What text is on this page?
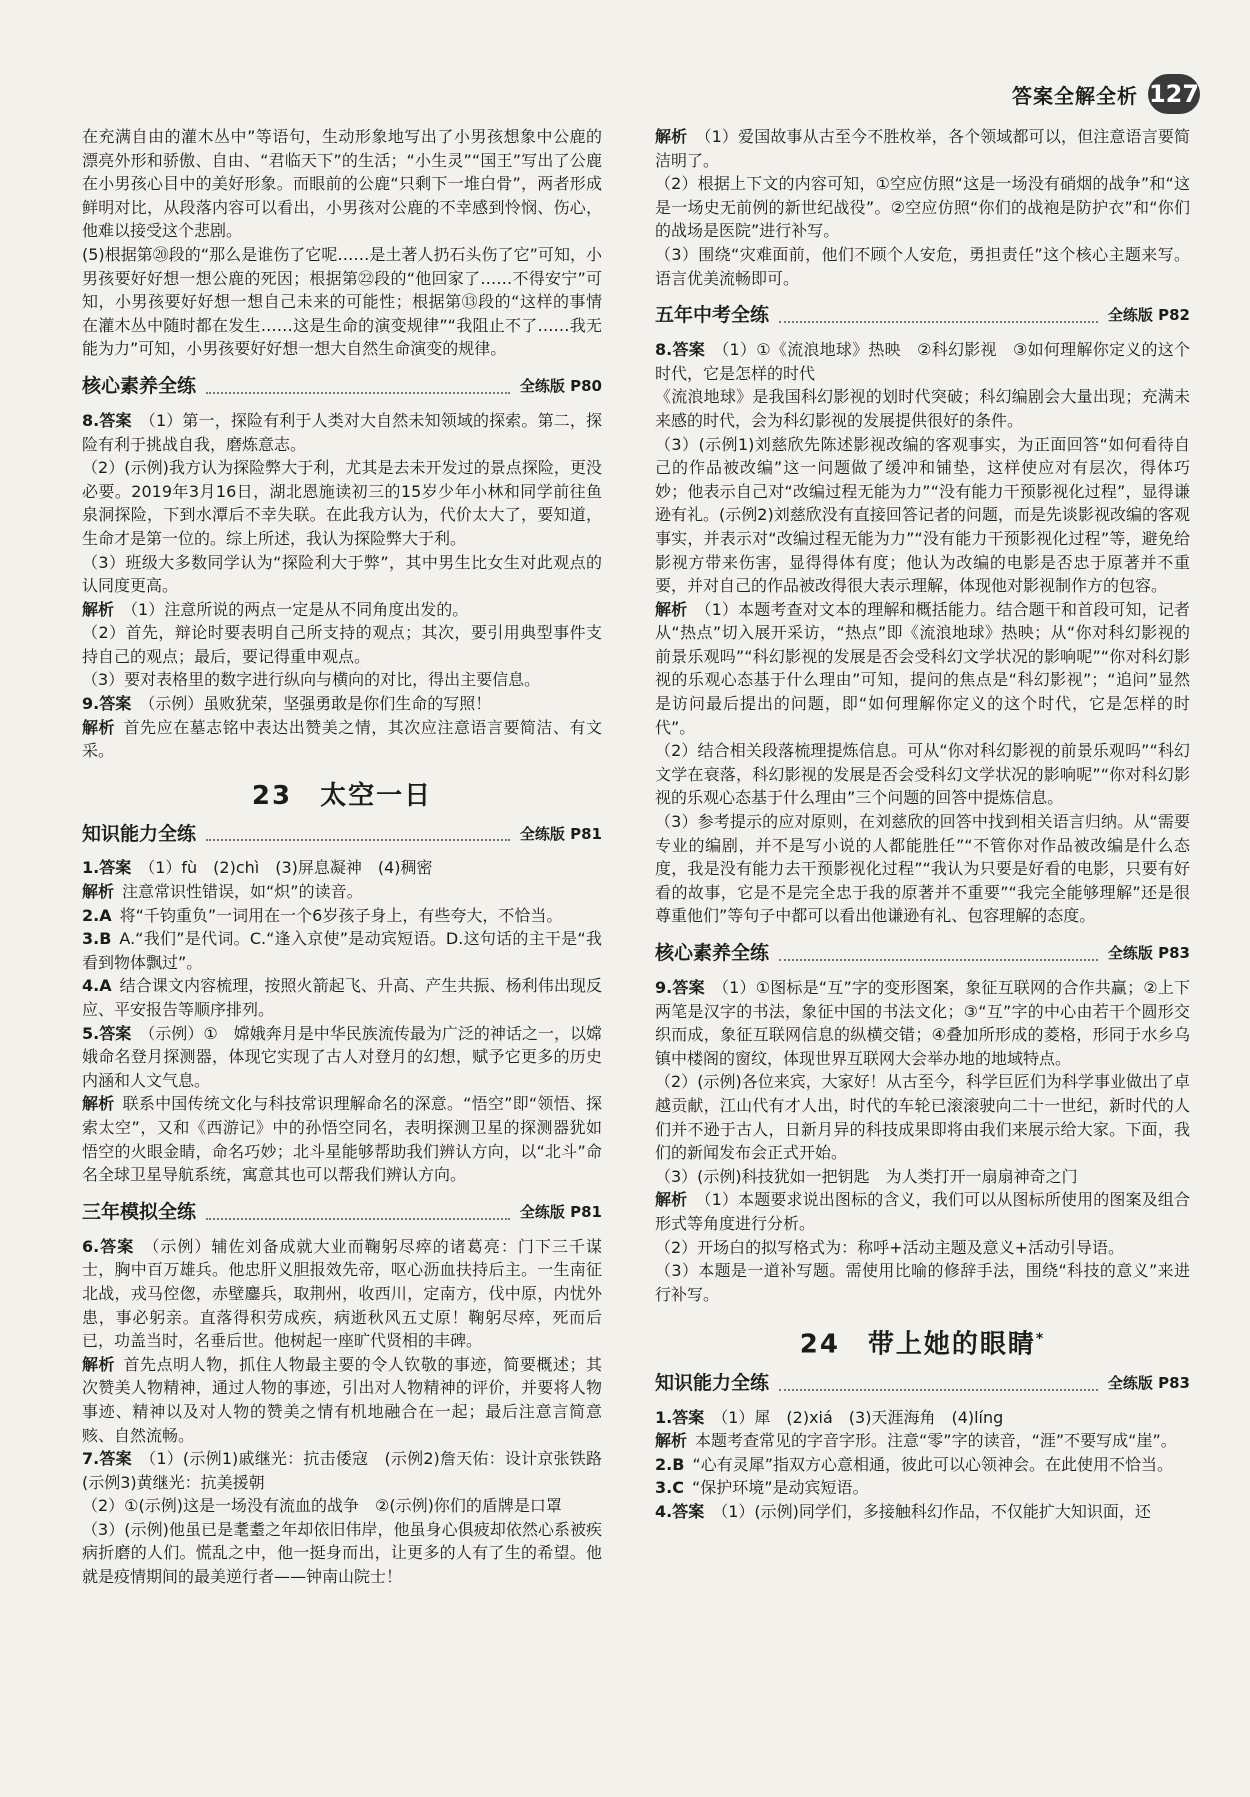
答案全解全析 127

在充满自由的灌木丛中”等语句，生动形象地写出了小男孩想象中公鹿的漂亮外形和骄傲、自由、“君临天下”的生活；“小生灵”“国王”写出了公鹿在小男孩心目中的美好形象。而眼前的公鹿“只剩下一堆白骨”，两者形成鲜明对比，从段落内容可以看出，小男孩对公鹿的不幸感到怜悯、伤心，他难以接受这个悲剧。

(5)根据第⑳段的“那么是谁伤了它呢……是土著人扔石头伤了它”可知，小男孩要好好想一想公鹿的死因；根据第㉒段的“他回家了……不得安宁”可知，小男孩要好好想一想自己未来的可能性；根据第⑬段的“这样的事情在灌木丛中随时都在发生……这是生命的演变规律”“我阻止不了……我无能为力”可知，小男孩要好好想一想大自然生命演变的规律。

核心素养全练	全练版 P80

8.答案  （1）第一，探险有利于人类对大自然未知领域的探索。第二，探险有利于挑战自我，磨炼意志。

（2）(示例)我方认为探险弊大于利，尤其是去未开发过的景点探险，更没必要。2019年3月16日，湖北恩施读初三的15岁少年小林和同学前往鱼泉洞探险，下到水潭后不幸失联。在此我方认为，代价太大了，要知道，生命才是第一位的。综上所述，我认为探险弊大于利。

（3）班级大多数同学认为“探险利大于弊”，其中男生比女生对此观点的认同度更高。

解析  （1）注意所说的两点一定是从不同角度出发的。

（2）首先，辩论时要表明自己所支持的观点；其次，要引用典型事件支持自己的观点；最后，要记得重申观点。

（3）要对表格里的数字进行纵向与横向的对比，得出主要信息。

9.答案  （示例）虽败犹荣，坚强勇敢是你们生命的写照！

解析  首先应在墓志铭中表达出赞美之情，其次应注意语言要简洁、有文采。

23　太空一日
知识能力全练	全练版 P81

1.答案  （1）fù　(2)chì　(3)屏息凝神　(4)稠密

解析  注意常识性错误，如“炽”的读音。

2.A  将“千钧重负”一词用在一个6岁孩子身上，有些夸大，不恰当。

3.B  A.“我们”是代词。C.“逢入京使”是动宾短语。D.这句话的主干是“我看到物体飘过”。

4.A  结合课文内容梳理，按照火箭起飞、升高、产生共振、杨利伟出现反应、平安报告等顺序排列。

5.答案  （示例）①　嫦娥奔月是中华民族流传最为广泛的神话之一，以嫦娥命名登月探测器，体现它实现了古人对登月的幻想，赋予它更多的历史内涵和人文气息。

解析  联系中国传统文化与科技常识理解命名的深意。“悟空”即“领悟、探索太空”，又和《西游记》中的孙悟空同名，表明探测卫星的探测器犹如悟空的火眼金睛，命名巧妙；北斗星能够帮助我们辨认方向，以“北斗”命名全球卫星导航系统，寓意其也可以帮我们辨认方向。

三年模拟全练	全练版 P81

6.答案  （示例）辅佐刘备成就大业而鞠躬尽瘁的诸葛亮：门下三千谋士，胸中百万雄兵。他忠肝义胆报效先帝，呕心沥血扶持后主。一生南征北战，戎马倥偬，赤壁鏖兵，取荆州，收西川，定南方，伐中原，内忧外患，事必躬亲。直落得积劳成疾，病逝秋风五丈原！鞠躬尽瘁，死而后已，功盖当时，名垂后世。他树起一座旷代贤相的丰碑。

解析  首先点明人物，抓住人物最主要的令人钦敬的事迹，简要概述；其次赞美人物精神，通过人物的事迹，引出对人物精神的评价，并要将人物事迹、精神以及对人物的赞美之情有机地融合在一起；最后注意言简意赅、自然流畅。

7.答案  （1）(示例1)戚继光：抗击倭寇　(示例2)詹天佑：设计京张铁路　(示例3)黄继光：抗美援朝

（2）①(示例)这是一场没有流血的战争　②(示例)你们的盾牌是口罩

（3）(示例)他虽已是耄耋之年却依旧伟岸，他虽身心俱疲却依然心系被疾病折磨的人们。慌乱之中，他一挺身而出，让更多的人有了生的希望。他就是疫情期间的最美逆行者——钟南山院士！

解析  （1）爱国故事从古至今不胜枚举，各个领域都可以，但注意语言要简洁明了。

（2）根据上下文的内容可知，①空应仿照“这是一场没有硝烟的战争”和“这是一场史无前例的新世纪战役”。②空应仿照“你们的战袍是防护衣”和“你们的战场是医院”进行补写。

（3）围绕“灾难面前，他们不顾个人安危，勇担责任”这个核心主题来写。语言优美流畅即可。

五年中考全练	全练版 P82

8.答案  （1）①《流浪地球》热映　②科幻影视　③如何理解你定义的这个时代，它是怎样的时代

《流浪地球》是我国科幻影视的划时代突破；科幻编剧会大量出现；充满未来感的时代，会为科幻影视的发展提供很好的条件。

（3）(示例1)刘慈欣先陈述影视改编的客观事实，为正面回答“如何看待自己的作品被改编”这一问题做了缓冲和铺垫，这样使应对有层次，得体巧妙；他表示自己对“改编过程无能为力”“没有能力干预影视化过程”，显得谦逊有礼。(示例2)刘慈欣没有直接回答记者的问题，而是先谈影视改编的客观事实，并表示对“改编过程无能为力”“没有能力干预影视化过程”等，避免给影视方带来伤害，显得得体有度；他认为改编的电影是否忠于原著并不重要，并对自己的作品被改得很大表示理解，体现他对影视制作方的包容。

解析  （1）本题考查对文本的理解和概括能力。结合题干和首段可知，记者从“热点”切入展开采访，“热点”即《流浪地球》热映；从“你对科幻影视的前景乐观吗”“科幻影视的发展是否会受科幻文学状况的影响呢”“你对科幻影视的乐观心态基于什么理由”可知，提问的焦点是“科幻影视”；“追问”显然是访问最后提出的问题，即“如何理解你定义的这个时代，它是怎样的时代”。

（2）结合相关段落梳理提炼信息。可从“你对科幻影视的前景乐观吗”“科幻文学在衰落，科幻影视的发展是否会受科幻文学状况的影响呢”“你对科幻影视的乐观心态基于什么理由”三个问题的回答中提炼信息。

（3）参考提示的应对原则，在刘慈欣的回答中找到相关语言归纳。从“需要专业的编剧，并不是写小说的人都能胜任”“不管你对作品被改编是什么态度，我是没有能力去干预影视化过程”“我认为只要是好看的电影，只要有好看的故事，它是不是完全忠于我的原著并不重要”“我完全能够理解”还是很尊重他们”等句子中都可以看出他谦逊有礼、包容理解的态度。

核心素养全练	全练版 P83

9.答案  （1）①图标是“互”字的变形图案，象征互联网的合作共赢；②上下两笔是汉字的书法，象征中国的书法文化；③“互”字的中心由若干个圆形交织而成，象征互联网信息的纵横交错；④叠加所形成的菱格，形同于水乡乌镇中楼阁的窗纹，体现世界互联网大会举办地的地域特点。

（2）(示例)各位来宾，大家好！从古至今，科学巨匠们为科学事业做出了卓越贡献，江山代有才人出，时代的车轮已滚滚驶向二十一世纪，新时代的人们并不逊于古人，日新月异的科技成果即将由我们来展示给大家。下面，我们的新闻发布会正式开始。

（3）(示例)科技犹如一把钥匙　为人类打开一扇扇神奇之门

解析  （1）本题要求说出图标的含义，我们可以从图标所使用的图案及组合形式等角度进行分析。

（2）开场白的拟写格式为：称呼+活动主题及意义+活动引导语。

（3）本题是一道补写题。需使用比喻的修辞手法，围绕“科技的意义”来进行补写。

24　带上她的眼睛*
知识能力全练	全练版 P83

1.答案  （1）犀　(2)xiá　(3)天涯海角　(4)líng

解析  本题考查常见的字音字形。注意“零”字的读音，“涯”不要写成“崖”。

2.B  “心有灵犀”指双方心意相通，彼此可以心领神会。在此使用不恰当。

3.C  “保护环境”是动宾短语。

4.答案  （1）(示例)同学们，多接触科幻作品，不仅能扩大知识面，还
